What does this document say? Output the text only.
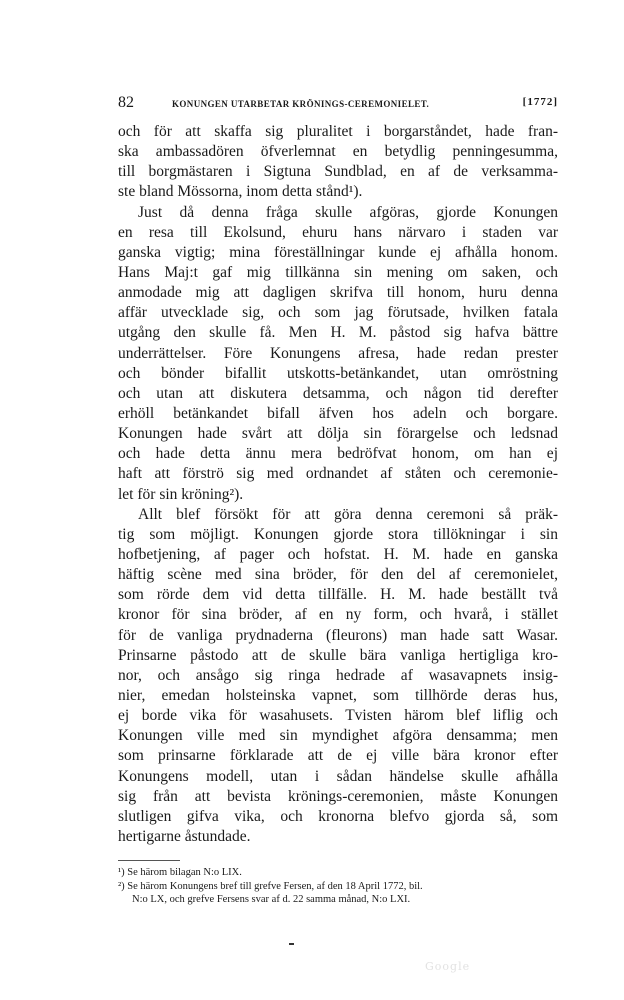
82	KONUNGEN UTARBETAR KRÖNINGS-CEREMONIELET.	[1772]
och för att skaffa sig pluralitet i borgarståndet, hade fran-
ska ambassadören öfverlemnat en betydlig penningesumma,
till borgmästaren i Sigtuna Sundblad, en af de verksamma-
ste bland Mössorna, inom detta stånd¹).
Just då denna fråga skulle afgöras, gjorde Konungen
en resa till Ekolsund, ehuru hans närvaro i staden var
ganska vigtig; mina föreställningar kunde ej afhålla honom.
Hans Maj:t gaf mig tillkänna sin mening om saken, och
anmodade mig att dagligen skrifva till honom, huru denna
affär utvecklade sig, och som jag förutsade, hvilken fatala
utgång den skulle få. Men H. M. påstod sig hafva bättre
underrättelser. Före Konungens afresa, hade redan prester
och bönder bifallit utskotts-betänkandet, utan omröstning
och utan att diskutera detsamma, och någon tid derefter
erhöll betänkandet bifall äfven hos adeln och borgare.
Konungen hade svårt att dölja sin förargelse och ledsnad
och hade detta ännu mera bedröfvat honom, om han ej
haft att förströ sig med ordnandet af ståten och ceremonie-
let för sin kröning²).
Allt blef försökt för att göra denna ceremoni så präk-
tig som möjligt. Konungen gjorde stora tillökningar i sin
hofbetjening, af pager och hofstat. H. M. hade en ganska
häftig scène med sina bröder, för den del af ceremonielet,
som rörde dem vid detta tillfälle. H. M. hade beställt två
kronor för sina bröder, af en ny form, och hvarå, i stället
för de vanliga prydnaderna (fleurons) man hade satt Wasar.
Prinsarne påstodo att de skulle bära vanliga hertigliga kro-
nor, och ansågo sig ringa hedrade af wasavapnets insig-
nier, emedan holsteinska vapnet, som tillhörde deras hus,
ej borde vika för wasahusets. Tvisten härom blef liflig och
Konungen ville med sin myndighet afgöra densamma; men
som prinsarne förklarade att de ej ville bära kronor efter
Konungens modell, utan i sådan händelse skulle afhålla
sig från att bevista krönings-ceremonien, måste Konungen
slutligen gifva vika, och kronorna blefvo gjorda så, som
hertigarne åstundade.
¹) Se härom bilagan N:o LIX.
²) Se härom Konungens bref till grefve Fersen, af den 18 April 1772, bil.
N:o LX, och grefve Fersens svar af d. 22 samma månad, N:o LXI.
Google
